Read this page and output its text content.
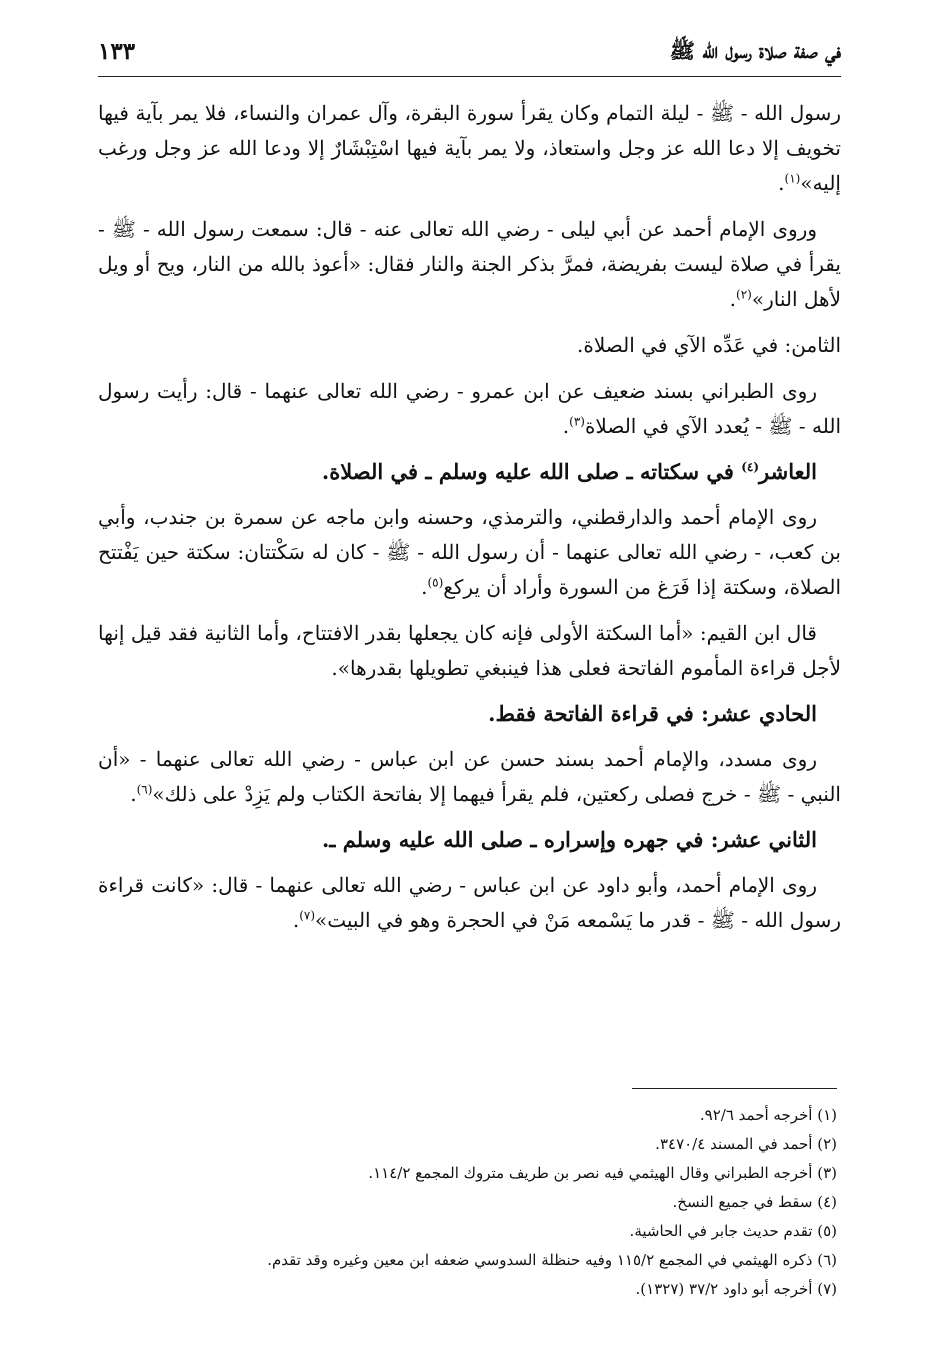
في صفة صلاة رسول الله ﷺ
١٣٣

رسول الله - ﷺ - ليلة التمام وكان يقرأ سورة البقرة، وآل عمران والنساء، فلا يمر بآية فيها تخويف إلا دعا الله عز وجل واستعاذ، ولا يمر بآية فيها اسْتِبْشَارٌ إلا ودعا الله عز وجل ورغب إليه»$^{(١)}$.

وروى الإمام أحمد عن أبي ليلى - رضي الله تعالى عنه - قال: سمعت رسول الله - ﷺ - يقرأ في صلاة ليست بفريضة، فمرَّ بذكر الجنة والنار فقال: «أعوذ بالله من النار، ويح أو ويل لأهل النار»$^{(٢)}$.

الثامن: في عَدِّه الآي في الصلاة.

روى الطبراني بسند ضعيف عن ابن عمرو - رضي الله تعالى عنهما - قال: رأيت رسول الله - ﷺ - يُعدد الآي في الصلاة$^{(٣)}$.

العاشر$^{(٤)}$ في سكتاته ـ صلى الله عليه وسلم ـ في الصلاة.

روى الإمام أحمد والدارقطني، والترمذي، وحسنه وابن ماجه عن سمرة بن جندب، وأبي بن كعب، - رضي الله تعالى عنهما - أن رسول الله - ﷺ - كان له سَكْتتان: سكتة حين يَفْتتح الصلاة، وسكتة إذا فَرَغ من السورة وأراد أن يركع$^{(٥)}$.

قال ابن القيم: «أما السكتة الأولى فإنه كان يجعلها بقدر الافتتاح، وأما الثانية فقد قيل إنها لأجل قراءة المأموم الفاتحة فعلى هذا فينبغي تطويلها بقدرها».

الحادي عشر: في قراءة الفاتحة فقط.

روى مسدد، والإمام أحمد بسند حسن عن ابن عباس - رضي الله تعالى عنهما - «أن النبي - ﷺ - خرج فصلى ركعتين، فلم يقرأ فيهما إلا بفاتحة الكتاب ولم يَزِدْ على ذلك»$^{(٦)}$.

الثاني عشر: في جهره وإسراره ـ صلى الله عليه وسلم ـ.

روى الإمام أحمد، وأبو داود عن ابن عباس - رضي الله تعالى عنهما - قال: «كانت قراءة رسول الله - ﷺ - قدر ما يَسْمعه مَنْ في الحجرة وهو في البيت»$^{(٧)}$.

(١) أخرجه أحمد ٩٢/٦.
(٢) أحمد في المسند ٣٤٧٠/٤.
(٣) أخرجه الطبراني وقال الهيثمي فيه نصر بن طريف متروك المجمع ١١٤/٢.
(٤) سقط في جميع النسخ.
(٥) تقدم حديث جابر في الحاشية.
(٦) ذكره الهيثمي في المجمع ١١٥/٢ وفيه حنظلة السدوسي ضعفه ابن معين وغيره وقد تقدم.
(٧) أخرجه أبو داود ٣٧/٢ (١٣٢٧).
